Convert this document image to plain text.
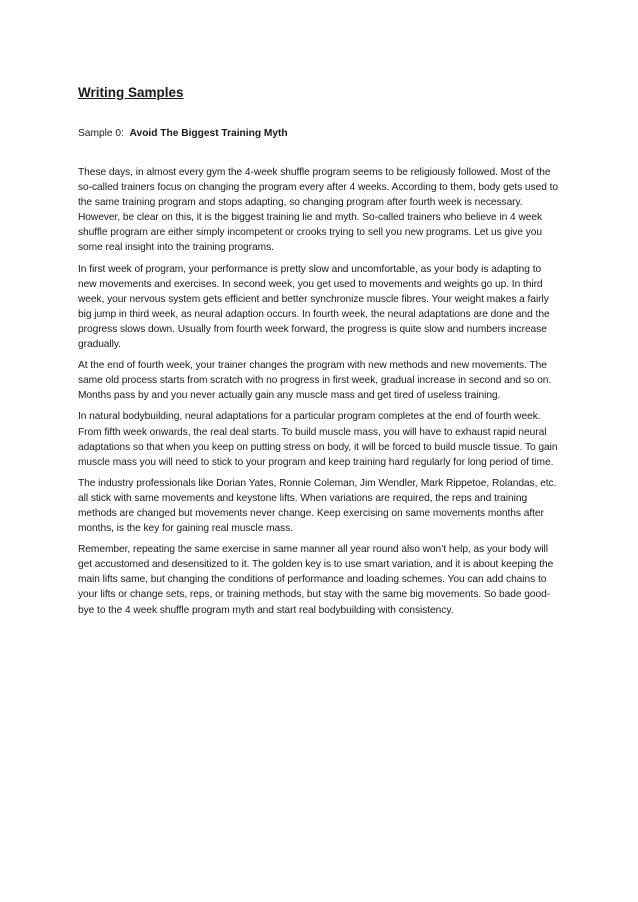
Writing Samples

Sample 0: Avoid The Biggest Training Myth

These days, in almost every gym the 4-week shuffle program seems to be religiously followed. Most of the so-called trainers focus on changing the program every after 4 weeks. According to them, body gets used to the same training program and stops adapting, so changing program after fourth week is necessary. However, be clear on this, it is the biggest training lie and myth. So-called trainers who believe in 4 week shuffle program are either simply incompetent or crooks trying to sell you new programs. Let us give you some real insight into the training programs.

In first week of program, your performance is pretty slow and uncomfortable, as your body is adapting to new movements and exercises. In second week, you get used to movements and weights go up. In third week, your nervous system gets efficient and better synchronize muscle fibres. Your weight makes a fairly big jump in third week, as neural adaption occurs. In fourth week, the neural adaptations are done and the progress slows down. Usually from fourth week forward, the progress is quite slow and numbers increase gradually.

At the end of fourth week, your trainer changes the program with new methods and new movements. The same old process starts from scratch with no progress in first week, gradual increase in second and so on. Months pass by and you never actually gain any muscle mass and get tired of useless training.

In natural bodybuilding, neural adaptations for a particular program completes at the end of fourth week. From fifth week onwards, the real deal starts. To build muscle mass, you will have to exhaust rapid neural adaptations so that when you keep on putting stress on body, it will be forced to build muscle tissue. To gain muscle mass you will need to stick to your program and keep training hard regularly for long period of time.

The industry professionals like Dorian Yates, Ronnie Coleman, Jim Wendler, Mark Rippetoe, Rolandas, etc. all stick with same movements and keystone lifts. When variations are required, the reps and training methods are changed but movements never change. Keep exercising on same movements months after months, is the key for gaining real muscle mass.

Remember, repeating the same exercise in same manner all year round also won’t help, as your body will get accustomed and desensitized to it. The golden key is to use smart variation, and it is about keeping the main lifts same, but changing the conditions of performance and loading schemes. You can add chains to your lifts or change sets, reps, or training methods, but stay with the same big movements. So bade good-bye to the 4 week shuffle program myth and start real bodybuilding with consistency.
